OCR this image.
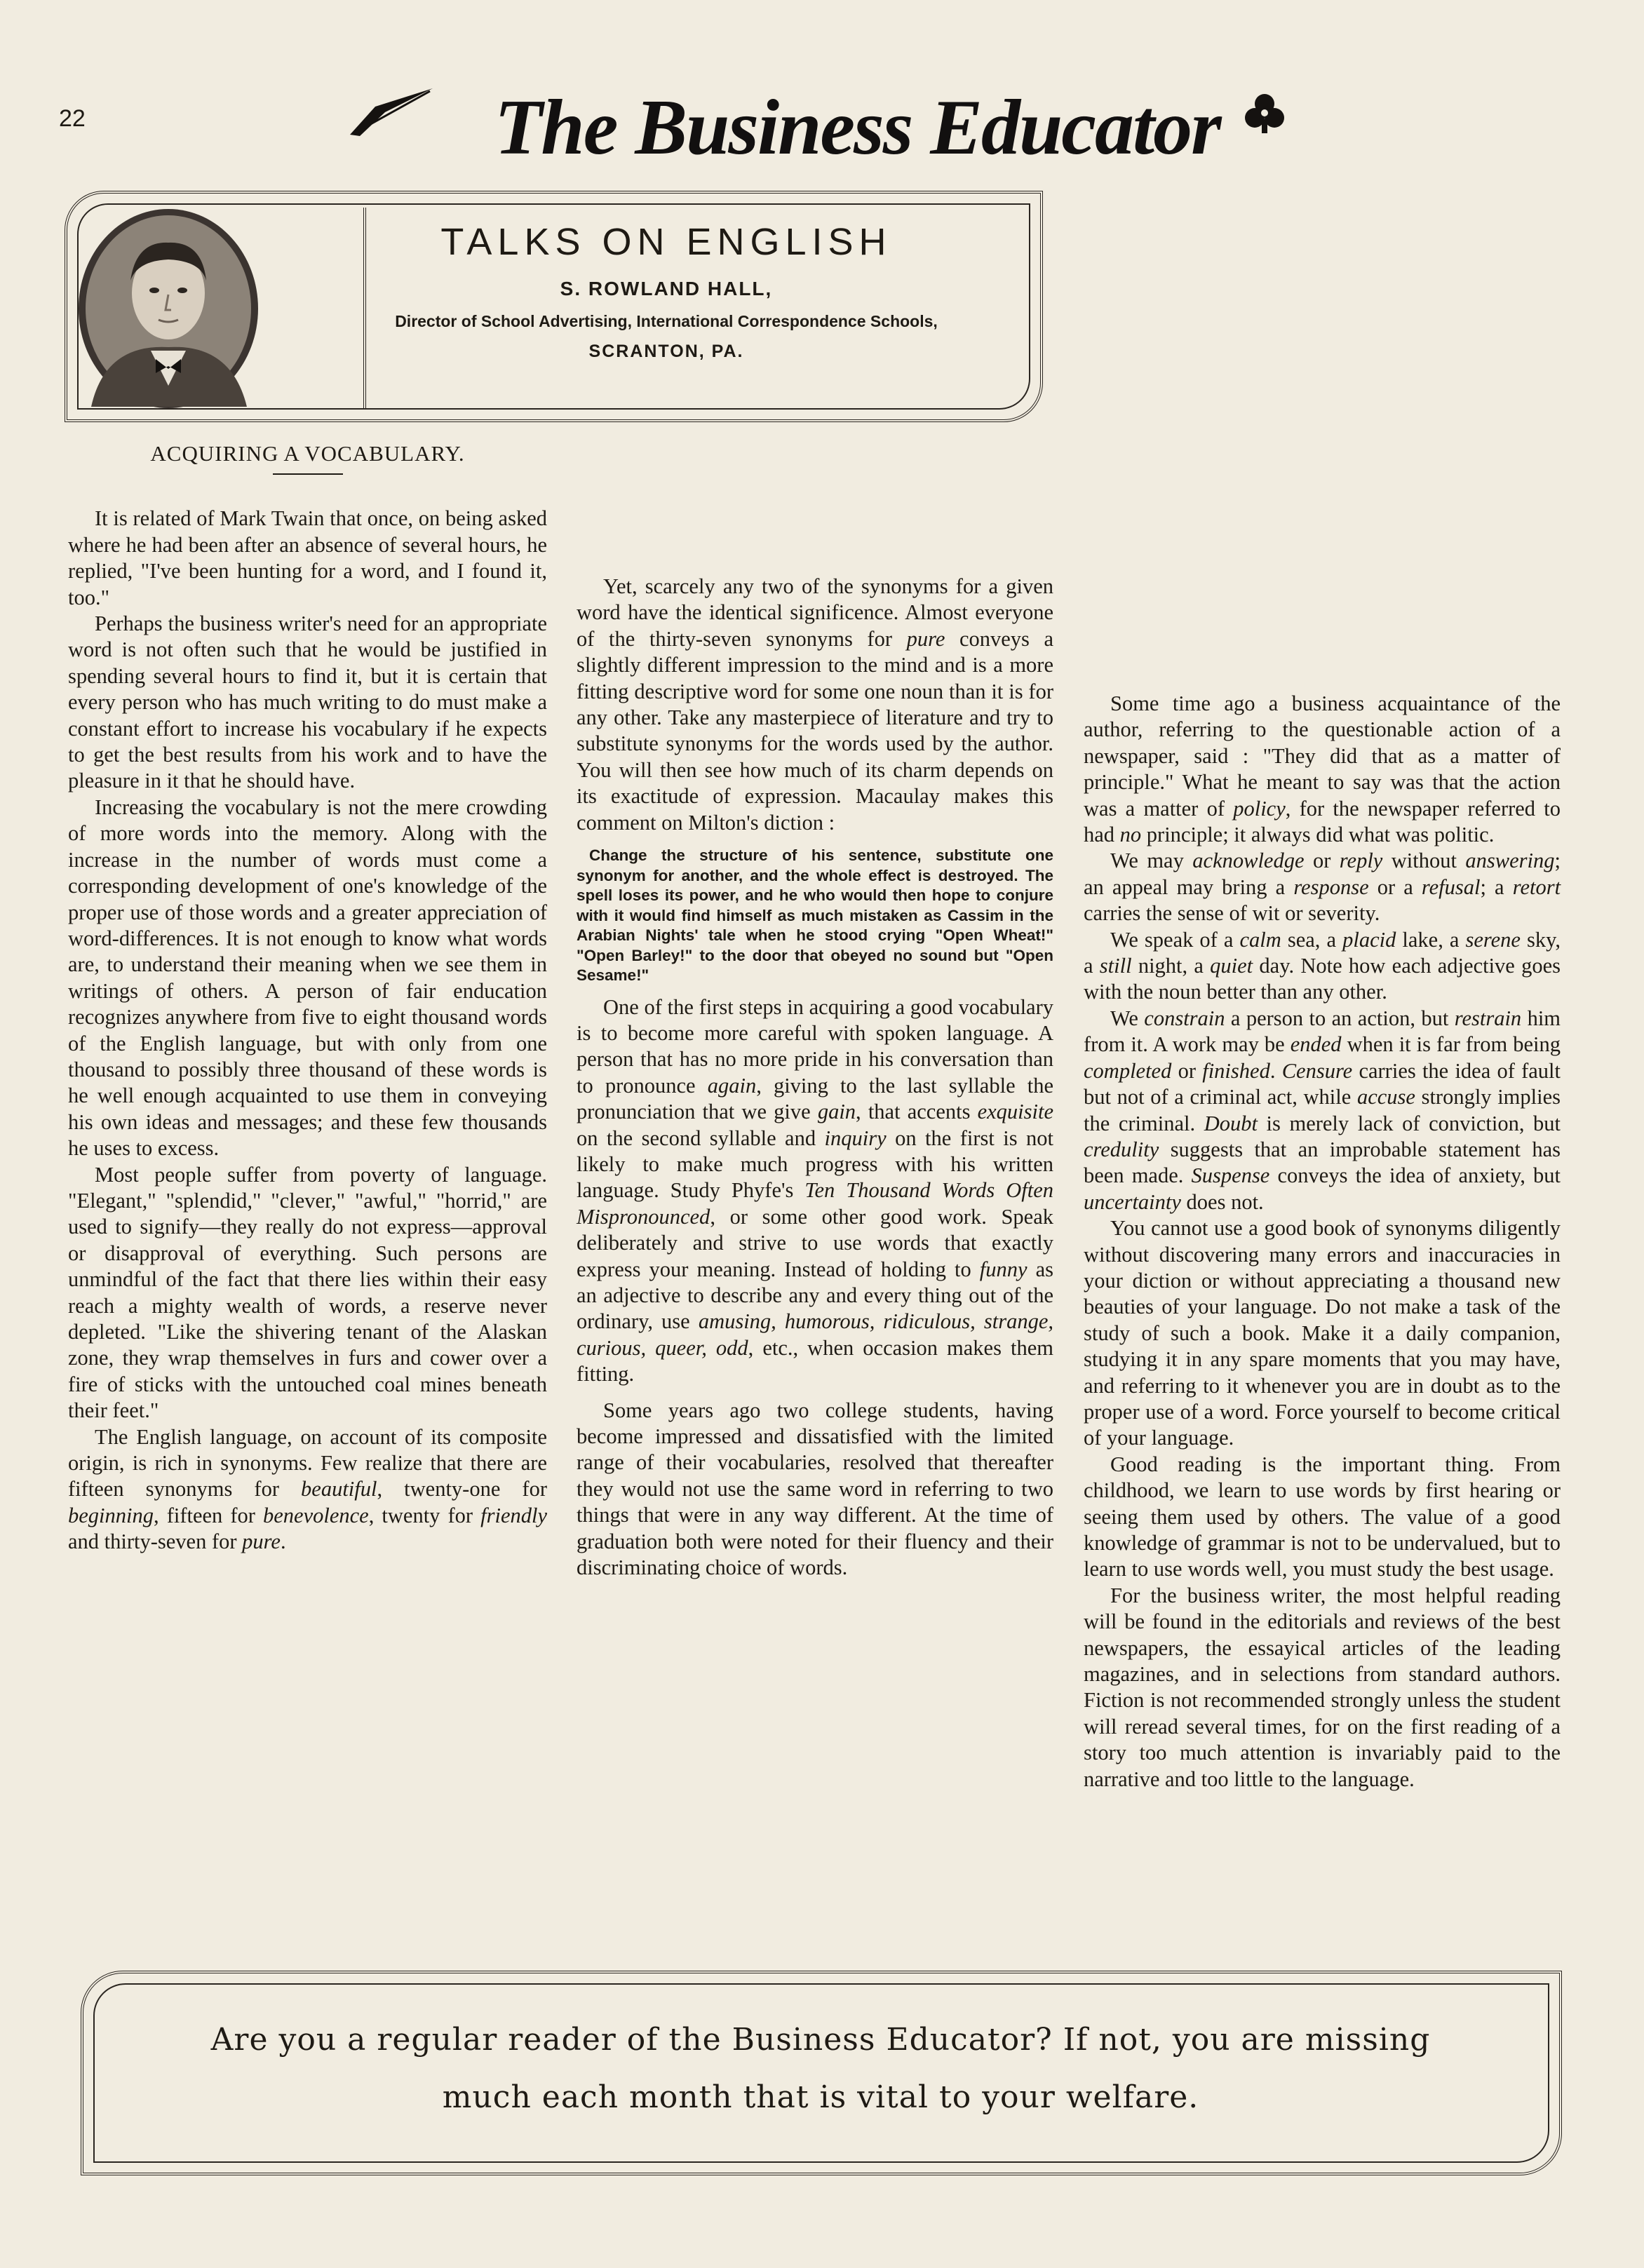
22	The Business Educator
TALKS ON ENGLISH
S. ROWLAND HALL,
Director of School Advertising, International Correspondence Schools,
SCRANTON, PA.

ACQUIRING A VOCABULARY.

It is related of Mark Twain that once, on being asked where he had been after an absence of several hours, he replied, "I've been hunting for a word, and I found it, too."

Perhaps the business writer's need for an appropriate word is not often such that he would be justified in spending several hours to find it, but it is certain that every person who has much writing to do must make a constant effort to increase his vocabulary if he expects to get the best results from his work and to have the pleasure in it that he should have.

Increasing the vocabulary is not the mere crowding of more words into the memory. Along with the increase in the number of words must come a corresponding development of one's knowledge of the proper use of those words and a greater appreciation of word-differences. It is not enough to know what words are, to understand their meaning when we see them in writings of others. A person of fair enducation recognizes anywhere from five to eight thousand words of the English language, but with only from one thousand to possibly three thousand of these words is he well enough acquainted to use them in conveying his own ideas and messages; and these few thousands he uses to excess.

Most people suffer from poverty of language. "Elegant," "splendid," "clever," "awful," "horrid," are used to signify—they really do not express—approval or disapproval of everything. Such persons are unmindful of the fact that there lies within their easy reach a mighty wealth of words, a reserve never depleted. "Like the shivering tenant of the Alaskan zone, they wrap themselves in furs and cower over a fire of sticks with the untouched coal mines beneath their feet."

The English language, on account of its composite origin, is rich in synonyms. Few realize that there are fifteen synonyms for beautiful, twenty-one for beginning, fifteen for benevolence, twenty for friendly and thirty-seven for pure.

Yet, scarcely any two of the synonyms for a given word have the identical significence. Almost everyone of the thirty-seven synonyms for pure conveys a slightly different impression to the mind and is a more fitting descriptive word for some one noun than it is for any other. Take any masterpiece of literature and try to substitute synonyms for the words used by the author. You will then see how much of its charm depends on its exactitude of expression. Macaulay makes this comment on Milton's diction :

Change the structure of his sentence, substitute one synonym for another, and the whole effect is destroyed. The spell loses its power, and he who would then hope to conjure with it would find himself as much mistaken as Cassim in the Arabian Nights' tale when he stood crying "Open Wheat!" "Open Barley!" to the door that obeyed no sound but "Open Sesame!"

One of the first steps in acquiring a good vocabulary is to become more careful with spoken language. A person that has no more pride in his conversation than to pronounce again, giving to the last syllable the pronunciation that we give gain, that accents exquisite on the second syllable and inquiry on the first is not likely to make much progress with his written language. Study Phyfe's Ten Thousand Words Often Mispronounced, or some other good work. Speak deliberately and strive to use words that exactly express your meaning. Instead of holding to funny as an adjective to describe any and every thing out of the ordinary, use amusing, humorous, ridiculous, strange, curious, queer, odd, etc., when occasion makes them fitting.

Some years ago two college students, having become impressed and dissatisfied with the limited range of their vocabularies, resolved that thereafter they would not use the same word in referring to two things that were in any way different. At the time of graduation both were noted for their fluency and their discriminating choice of words.

Some time ago a business acquaintance of the author, referring to the questionable action of a newspaper, said : "They did that as a matter of principle." What he meant to say was that the action was a matter of policy, for the newspaper referred to had no principle; it always did what was politic.

We may acknowledge or reply without answering; an appeal may bring a response or a refusal; a retort carries the sense of wit or severity.

We speak of a calm sea, a placid lake, a serene sky, a still night, a quiet day. Note how each adjective goes with the noun better than any other.

We constrain a person to an action, but restrain him from it. A work may be ended when it is far from being completed or finished. Censure carries the idea of fault but not of a criminal act, while accuse strongly implies the criminal. Doubt is merely lack of conviction, but credulity suggests that an improbable statement has been made. Suspense conveys the idea of anxiety, but uncertainty does not.

You cannot use a good book of synonyms diligently without discovering many errors and inaccuracies in your diction or without appreciating a thousand new beauties of your language. Do not make a task of the study of such a book. Make it a daily companion, studying it in any spare moments that you may have, and referring to it whenever you are in doubt as to the proper use of a word. Force yourself to become critical of your language.

Good reading is the important thing. From childhood, we learn to use words by first hearing or seeing them used by others. The value of a good knowledge of grammar is not to be undervalued, but to learn to use words well, you must study the best usage.

For the business writer, the most helpful reading will be found in the editorials and reviews of the best newspapers, the essayical articles of the leading magazines, and in selections from standard authors. Fiction is not recommended strongly unless the student will reread several times, for on the first reading of a story too much attention is invariably paid to the narrative and too little to the language.

Are you a regular reader of the Business Educator? If not, you are missing
much each month that is vital to your welfare.
